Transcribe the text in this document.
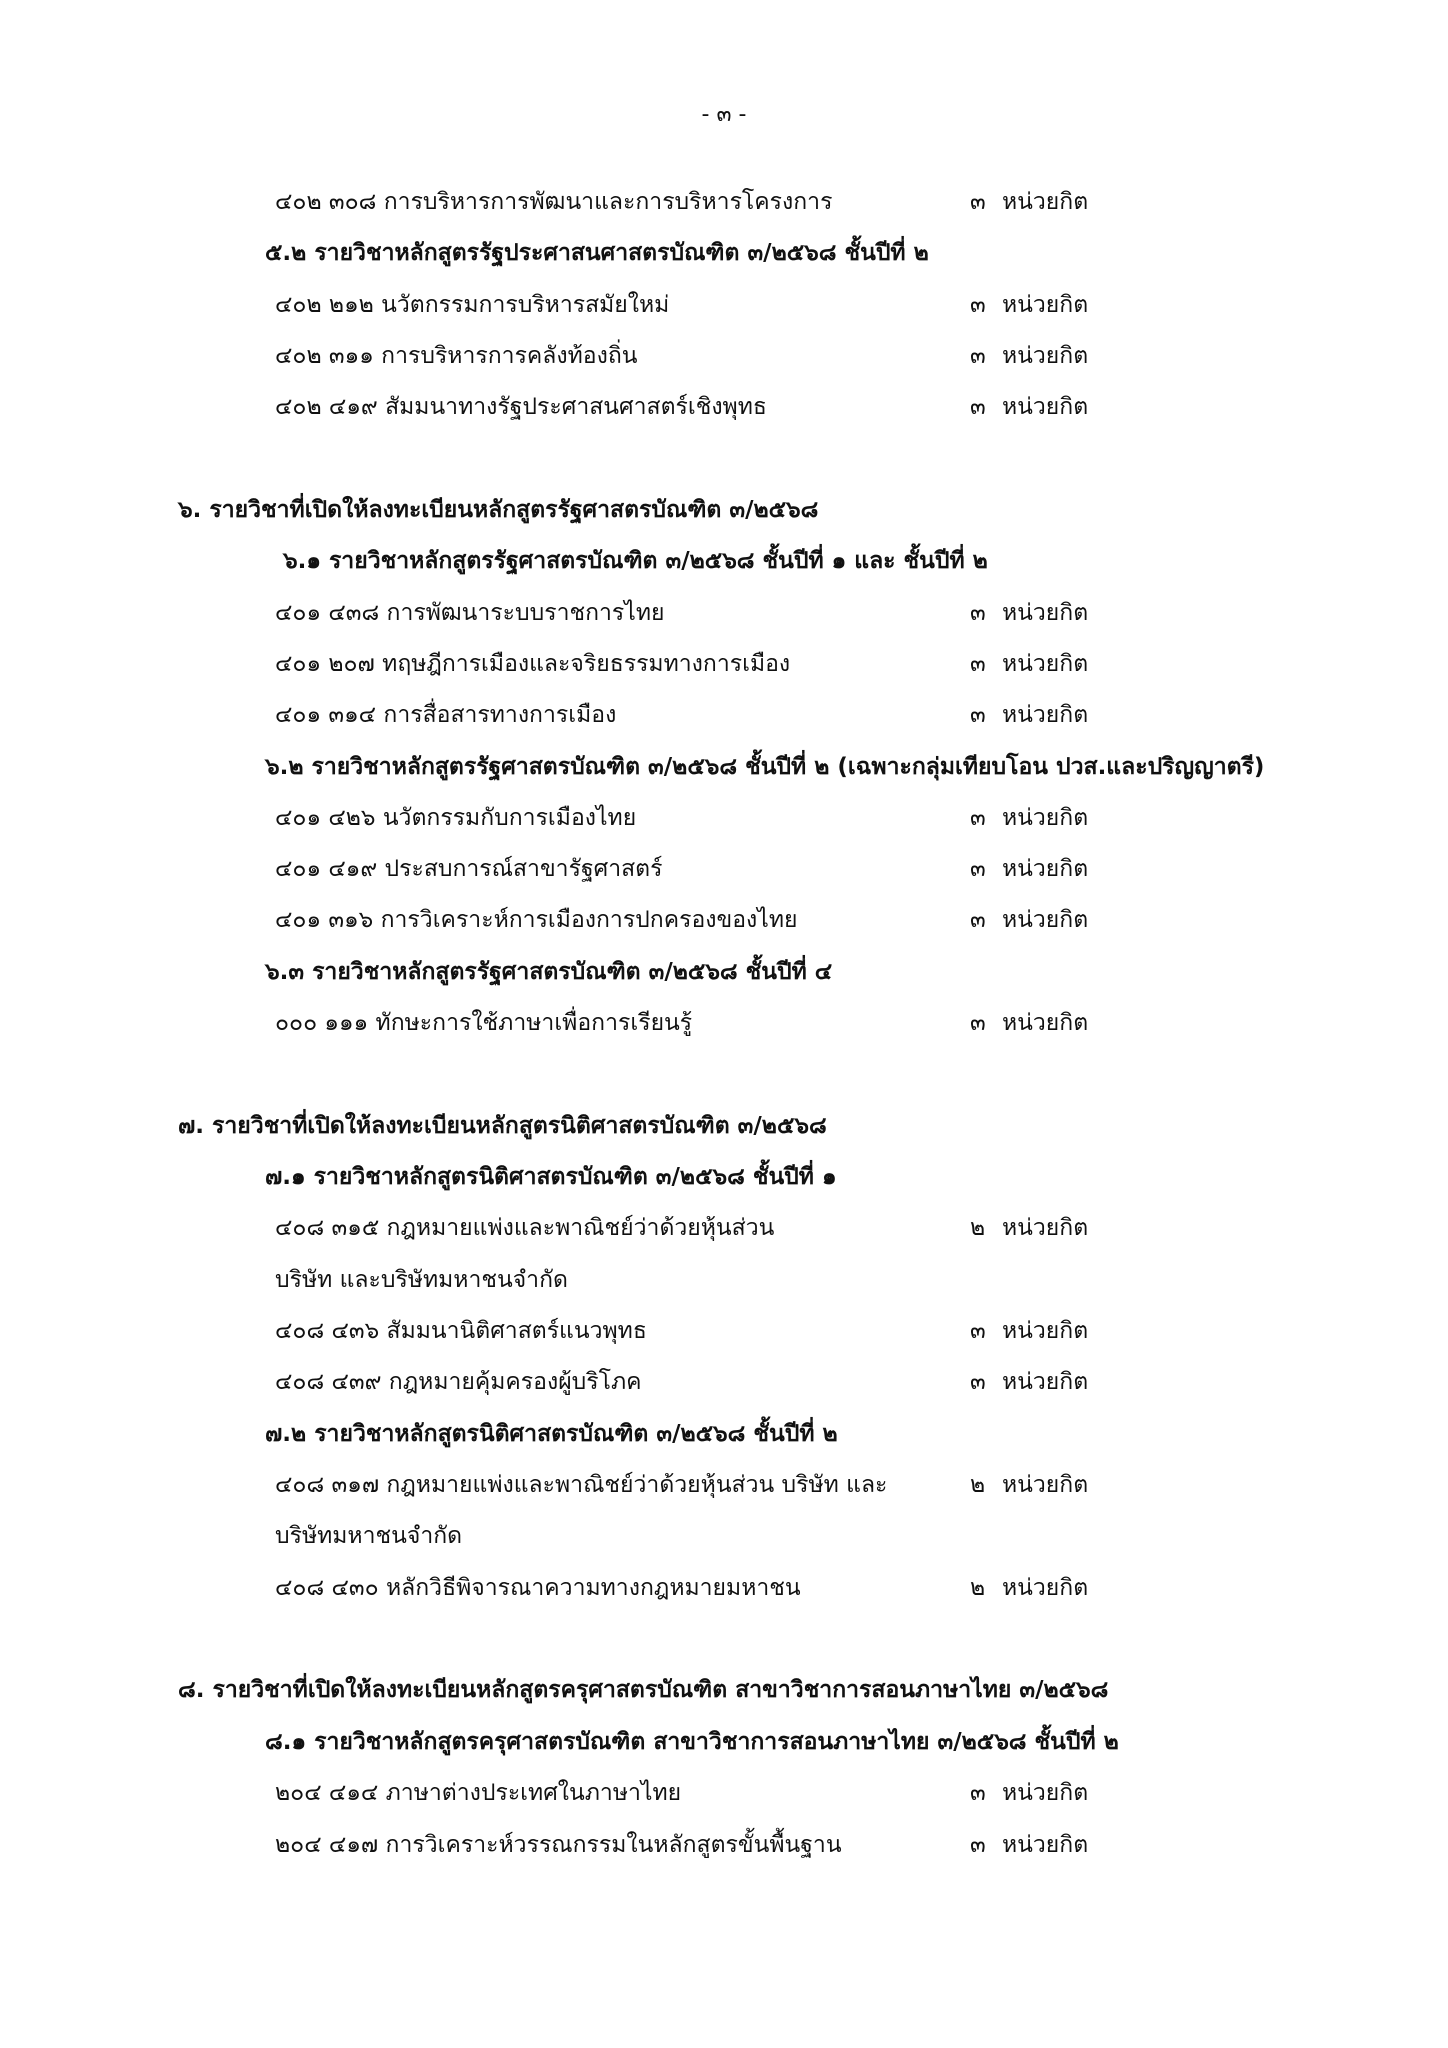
- ๓ -
๔๐๒ ๓๐๘ การบริหารการพัฒนาและการบริหารโครงการ	๓ หน่วยกิต
๕.๒ รายวิชาหลักสูตรรัฐประศาสนศาสตรบัณฑิต ๓/๒๕๖๘ ชั้นปีที่ ๒
๔๐๒ ๒๑๒ นวัตกรรมการบริหารสมัยใหม่	๓ หน่วยกิต
๔๐๒ ๓๑๑ การบริหารการคลังท้องถิ่น	๓ หน่วยกิต
๔๐๒ ๔๑๙ สัมมนาทางรัฐประศาสนศาสตร์เชิงพุทธ	๓ หน่วยกิต
๖. รายวิชาที่เปิดให้ลงทะเบียนหลักสูตรรัฐศาสตรบัณฑิต ๓/๒๕๖๘
๖.๑ รายวิชาหลักสูตรรัฐศาสตรบัณฑิต ๓/๒๕๖๘ ชั้นปีที่ ๑ และ ชั้นปีที่ ๒
๔๐๑ ๔๓๘ การพัฒนาระบบราชการไทย	๓ หน่วยกิต
๔๐๑ ๒๐๗ ทฤษฎีการเมืองและจริยธรรมทางการเมือง	๓ หน่วยกิต
๔๐๑ ๓๑๔ การสื่อสารทางการเมือง	๓ หน่วยกิต
๖.๒ รายวิชาหลักสูตรรัฐศาสตรบัณฑิต ๓/๒๕๖๘ ชั้นปีที่ ๒ (เฉพาะกลุ่มเทียบโอน ปวส.และปริญญาตรี)
๔๐๑ ๔๒๖ นวัตกรรมกับการเมืองไทย	๓ หน่วยกิต
๔๐๑ ๔๑๙ ประสบการณ์สาขารัฐศาสตร์	๓ หน่วยกิต
๔๐๑ ๓๑๖ การวิเคราะห์การเมืองการปกครองของไทย	๓ หน่วยกิต
๖.๓ รายวิชาหลักสูตรรัฐศาสตรบัณฑิต ๓/๒๕๖๘ ชั้นปีที่ ๔
๐๐๐ ๑๑๑ ทักษะการใช้ภาษาเพื่อการเรียนรู้	๓ หน่วยกิต
๗. รายวิชาที่เปิดให้ลงทะเบียนหลักสูตรนิติศาสตรบัณฑิต ๓/๒๕๖๘
๗.๑ รายวิชาหลักสูตรนิติศาสตรบัณฑิต ๓/๒๕๖๘ ชั้นปีที่ ๑
๔๐๘ ๓๑๕ กฎหมายแพ่งและพาณิชย์ว่าด้วยหุ้นส่วน	๒ หน่วยกิต
บริษัท และบริษัทมหาชนจำกัด
๔๐๘ ๔๓๖ สัมมนานิติศาสตร์แนวพุทธ	๓ หน่วยกิต
๔๐๘ ๔๓๙ กฎหมายคุ้มครองผู้บริโภค	๓ หน่วยกิต
๗.๒ รายวิชาหลักสูตรนิติศาสตรบัณฑิต ๓/๒๕๖๘ ชั้นปีที่ ๒
๔๐๘ ๓๑๗ กฎหมายแพ่งและพาณิชย์ว่าด้วยหุ้นส่วน บริษัท และ	๒ หน่วยกิต
บริษัทมหาชนจำกัด
๔๐๘ ๔๓๐ หลักวิธีพิจารณาความทางกฎหมายมหาชน	๒ หน่วยกิต
๘. รายวิชาที่เปิดให้ลงทะเบียนหลักสูตรครุศาสตรบัณฑิต สาขาวิชาการสอนภาษาไทย ๓/๒๕๖๘
๘.๑ รายวิชาหลักสูตรครุศาสตรบัณฑิต สาขาวิชาการสอนภาษาไทย ๓/๒๕๖๘ ชั้นปีที่ ๒
๒๐๔ ๔๑๔ ภาษาต่างประเทศในภาษาไทย	๓ หน่วยกิต
๒๐๔ ๔๑๗ การวิเคราะห์วรรณกรรมในหลักสูตรขั้นพื้นฐาน	๓ หน่วยกิต
